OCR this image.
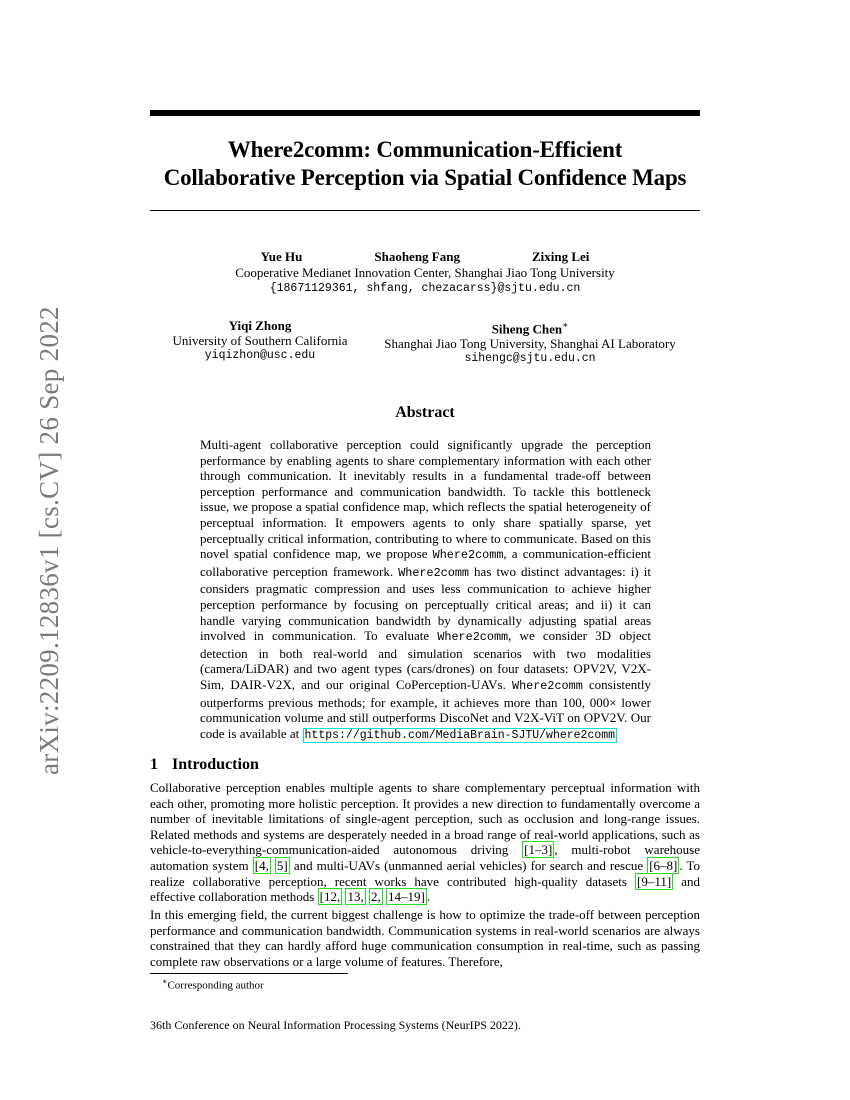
Where2comm: Communication-Efficient
Collaborative Perception via Spatial Confidence Maps
arXiv:2209.12836v1 [cs.CV] 26 Sep 2022
Yue Hu	Shaoheng Fang	Zixing Lei
Cooperative Medianet Innovation Center, Shanghai Jiao Tong University
{18671129361, shfang, chezacarss}@sjtu.edu.cn
Yiqi Zhong
University of Southern California
yiqizhon@usc.edu
Siheng Chen∗
Shanghai Jiao Tong University, Shanghai AI Laboratory
sihengc@sjtu.edu.cn
Abstract
Multi-agent collaborative perception could significantly upgrade the perception performance by enabling agents to share complementary information with each other through communication. It inevitably results in a fundamental trade-off between perception performance and communication bandwidth. To tackle this bottleneck issue, we propose a spatial confidence map, which reflects the spatial heterogeneity of perceptual information. It empowers agents to only share spatially sparse, yet perceptually critical information, contributing to where to communicate. Based on this novel spatial confidence map, we propose Where2comm, a communication-efficient collaborative perception framework. Where2comm has two distinct advantages: i) it considers pragmatic compression and uses less communication to achieve higher perception performance by focusing on perceptually critical areas; and ii) it can handle varying communication bandwidth by dynamically adjusting spatial areas involved in communication. To evaluate Where2comm, we consider 3D object detection in both real-world and simulation scenarios with two modalities (camera/LiDAR) and two agent types (cars/drones) on four datasets: OPV2V, V2X-Sim, DAIR-V2X, and our original CoPerception-UAVs. Where2comm consistently outperforms previous methods; for example, it achieves more than 100, 000× lower communication volume and still outperforms DiscoNet and V2X-ViT on OPV2V. Our code is available at https://github.com/MediaBrain-SJTU/where2comm
1 Introduction
Collaborative perception enables multiple agents to share complementary perceptual information with each other, promoting more holistic perception. It provides a new direction to fundamentally overcome a number of inevitable limitations of single-agent perception, such as occlusion and long-range issues. Related methods and systems are desperately needed in a broad range of real-world applications, such as vehicle-to-everything-communication-aided autonomous driving [1–3] , multi-robot warehouse automation system [4, 5] and multi-UAVs (unmanned aerial vehicles) for search and rescue [6–8] . To realize collaborative perception, recent works have contributed high-quality datasets [9–11] and effective collaboration methods [12, 13, 2, 14–19] .
In this emerging field, the current biggest challenge is how to optimize the trade-off between perception performance and communication bandwidth. Communication systems in real-world scenarios are always constrained that they can hardly afford huge communication consumption in real-time, such as passing complete raw observations or a large volume of features. Therefore,
∗Corresponding author
36th Conference on Neural Information Processing Systems (NeurIPS 2022).
